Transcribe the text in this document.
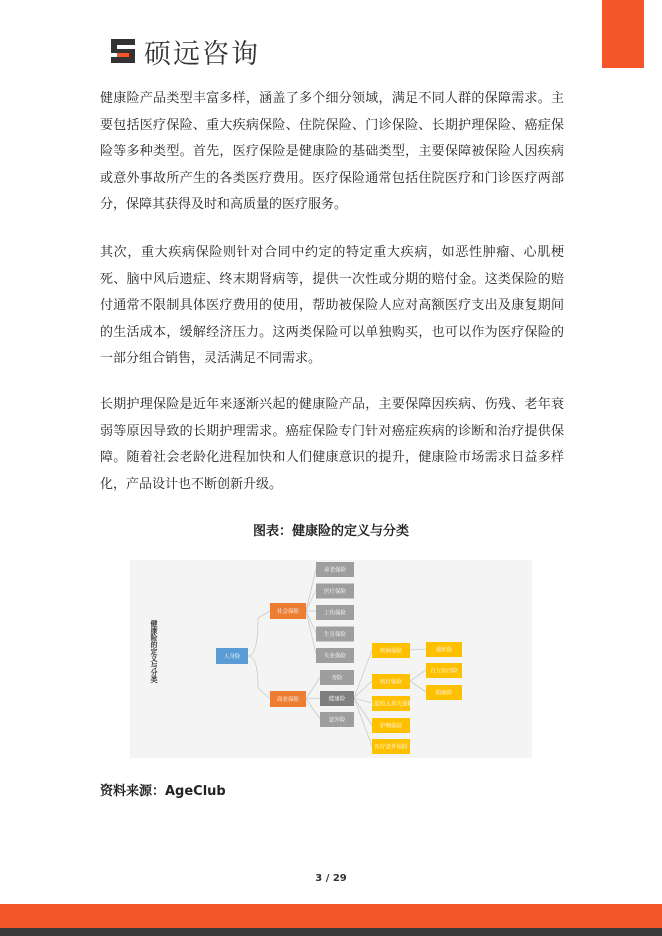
硕远咨询

健康险产品类型丰富多样，涵盖了多个细分领域，满足不同人群的保障需求。主要包括医疗保险、重大疾病保险、住院保险、门诊保险、长期护理保险、癌症保险等多种类型。首先，医疗保险是健康险的基础类型，主要保障被保险人因疾病或意外事故所产生的各类医疗费用。医疗保险通常包括住院医疗和门诊医疗两部分，保障其获得及时和高质量的医疗服务。

其次，重大疾病保险则针对合同中约定的特定重大疾病，如恶性肿瘤、心肌梗死、脑中风后遗症、终末期肾病等，提供一次性或分期的赔付金。这类保险的赔付通常不限制具体医疗费用的使用，帮助被保险人应对高额医疗支出及康复期间的生活成本，缓解经济压力。这两类保险可以单独购买，也可以作为医疗保险的一部分组合销售，灵活满足不同需求。

长期护理保险是近年来逐渐兴起的健康险产品，主要保障因疾病、伤残、老年衰弱等原因导致的长期护理需求。癌症保险专门针对癌症疾病的诊断和治疗提供保障。随着社会老龄化进程加快和人们健康意识的提升，健康险市场需求日益多样化，产品设计也不断创新升级。

图表：健康险的定义与分类
健康险的定义与分类	人身险
社会保险
商业保险
养老保险
医疗保险
工伤保险
生育保险
失业保险
寿险
健康险
意外险
疾病保险
医疗保险
失能收入损失保险
护理保险
医疗意外保险
重疾险
百万医疗险
防癌险
资料来源：AgeClub
3 / 29
